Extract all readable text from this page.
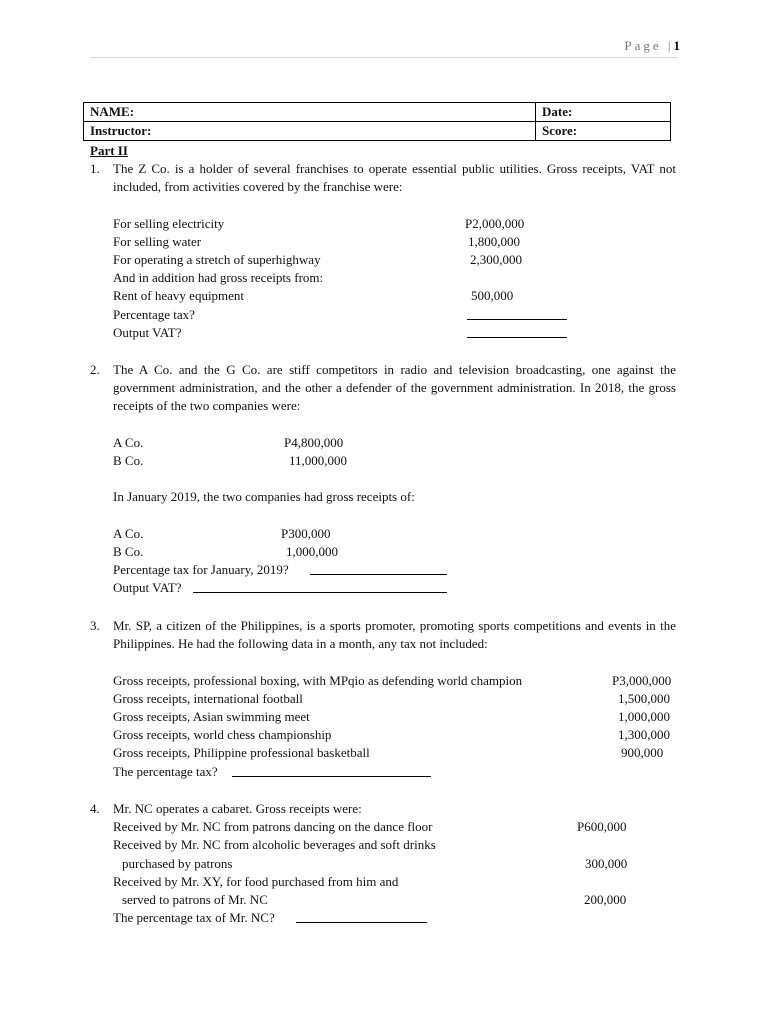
Page |1
NAME:	Date:
Instructor:	Score:
Part II
1. The Z Co. is a holder of several franchises to operate essential public utilities. Gross receipts, VAT not included, from activities covered by the franchise were:
For selling electricity	P2,000,000
For selling water	1,800,000
For operating a stretch of superhighway	2,300,000
And in addition had gross receipts from:
Rent of heavy equipment	500,000
Percentage tax?
Output VAT?
2. The A Co. and the G Co. are stiff competitors in radio and television broadcasting, one against the government administration, and the other a defender of the government administration. In 2018, the gross receipts of the two companies were:
A Co.	P4,800,000
B Co.	11,000,000
In January 2019, the two companies had gross receipts of:
A Co.	P300,000
B Co.	1,000,000
Percentage tax for January, 2019?
Output VAT?
3. Mr. SP, a citizen of the Philippines, is a sports promoter, promoting sports competitions and events in the Philippines. He had the following data in a month, any tax not included:
Gross receipts, professional boxing, with MPqio as defending world champion	P3,000,000
Gross receipts, international football	1,500,000
Gross receipts, Asian swimming meet	1,000,000
Gross receipts, world chess championship	1,300,000
Gross receipts, Philippine professional basketball	900,000
The percentage tax?
4. Mr. NC operates a cabaret. Gross receipts were:
Received by Mr. NC from patrons dancing on the dance floor	P600,000
Received by Mr. NC from alcoholic beverages and soft drinks
purchased by patrons	300,000
Received by Mr. XY, for food purchased from him and
served to patrons of Mr. NC	200,000
The percentage tax of Mr. NC?
